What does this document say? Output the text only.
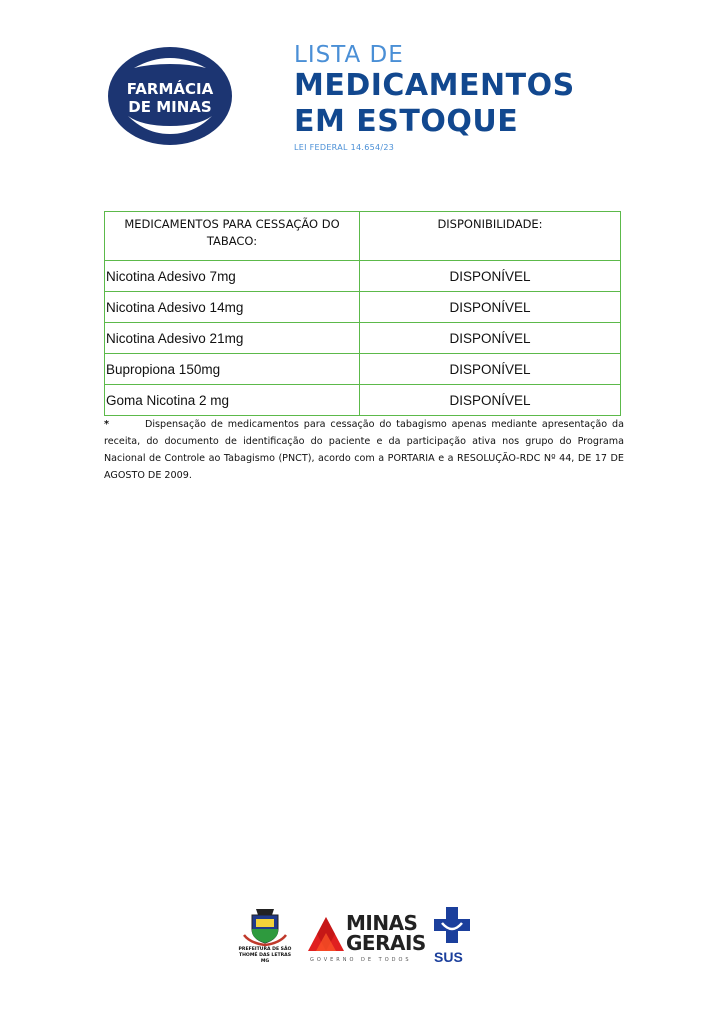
FARMÁCIA
DE MINAS
LISTA DE
MEDICAMENTOS
EM ESTOQUE
LEI FEDERAL 14.654/23
MEDICAMENTOS PARA CESSAÇÃO DO
TABACO:	DISPONIBILIDADE:
Nicotina Adesivo 7mg	DISPONÍVEL
Nicotina Adesivo 14mg	DISPONÍVEL
Nicotina Adesivo 21mg	DISPONÍVEL
Bupropiona 150mg	DISPONÍVEL
Goma Nicotina 2 mg	DISPONÍVEL

*	Dispensação de medicamentos para cessação do tabagismo apenas mediante apresentação da receita, do documento de identificação do paciente e da participação ativa nos grupo do Programa Nacional de Controle ao Tabagismo (PNCT), acordo com a PORTARIA e a RESOLUÇÃO-RDC Nº 44, DE 17 DE AGOSTO DE 2009.

PREFEITURA DE SÃO
THOMÉ DAS LETRAS MG
MINAS
GERAIS
GOVERNO DE TODOS SUS
